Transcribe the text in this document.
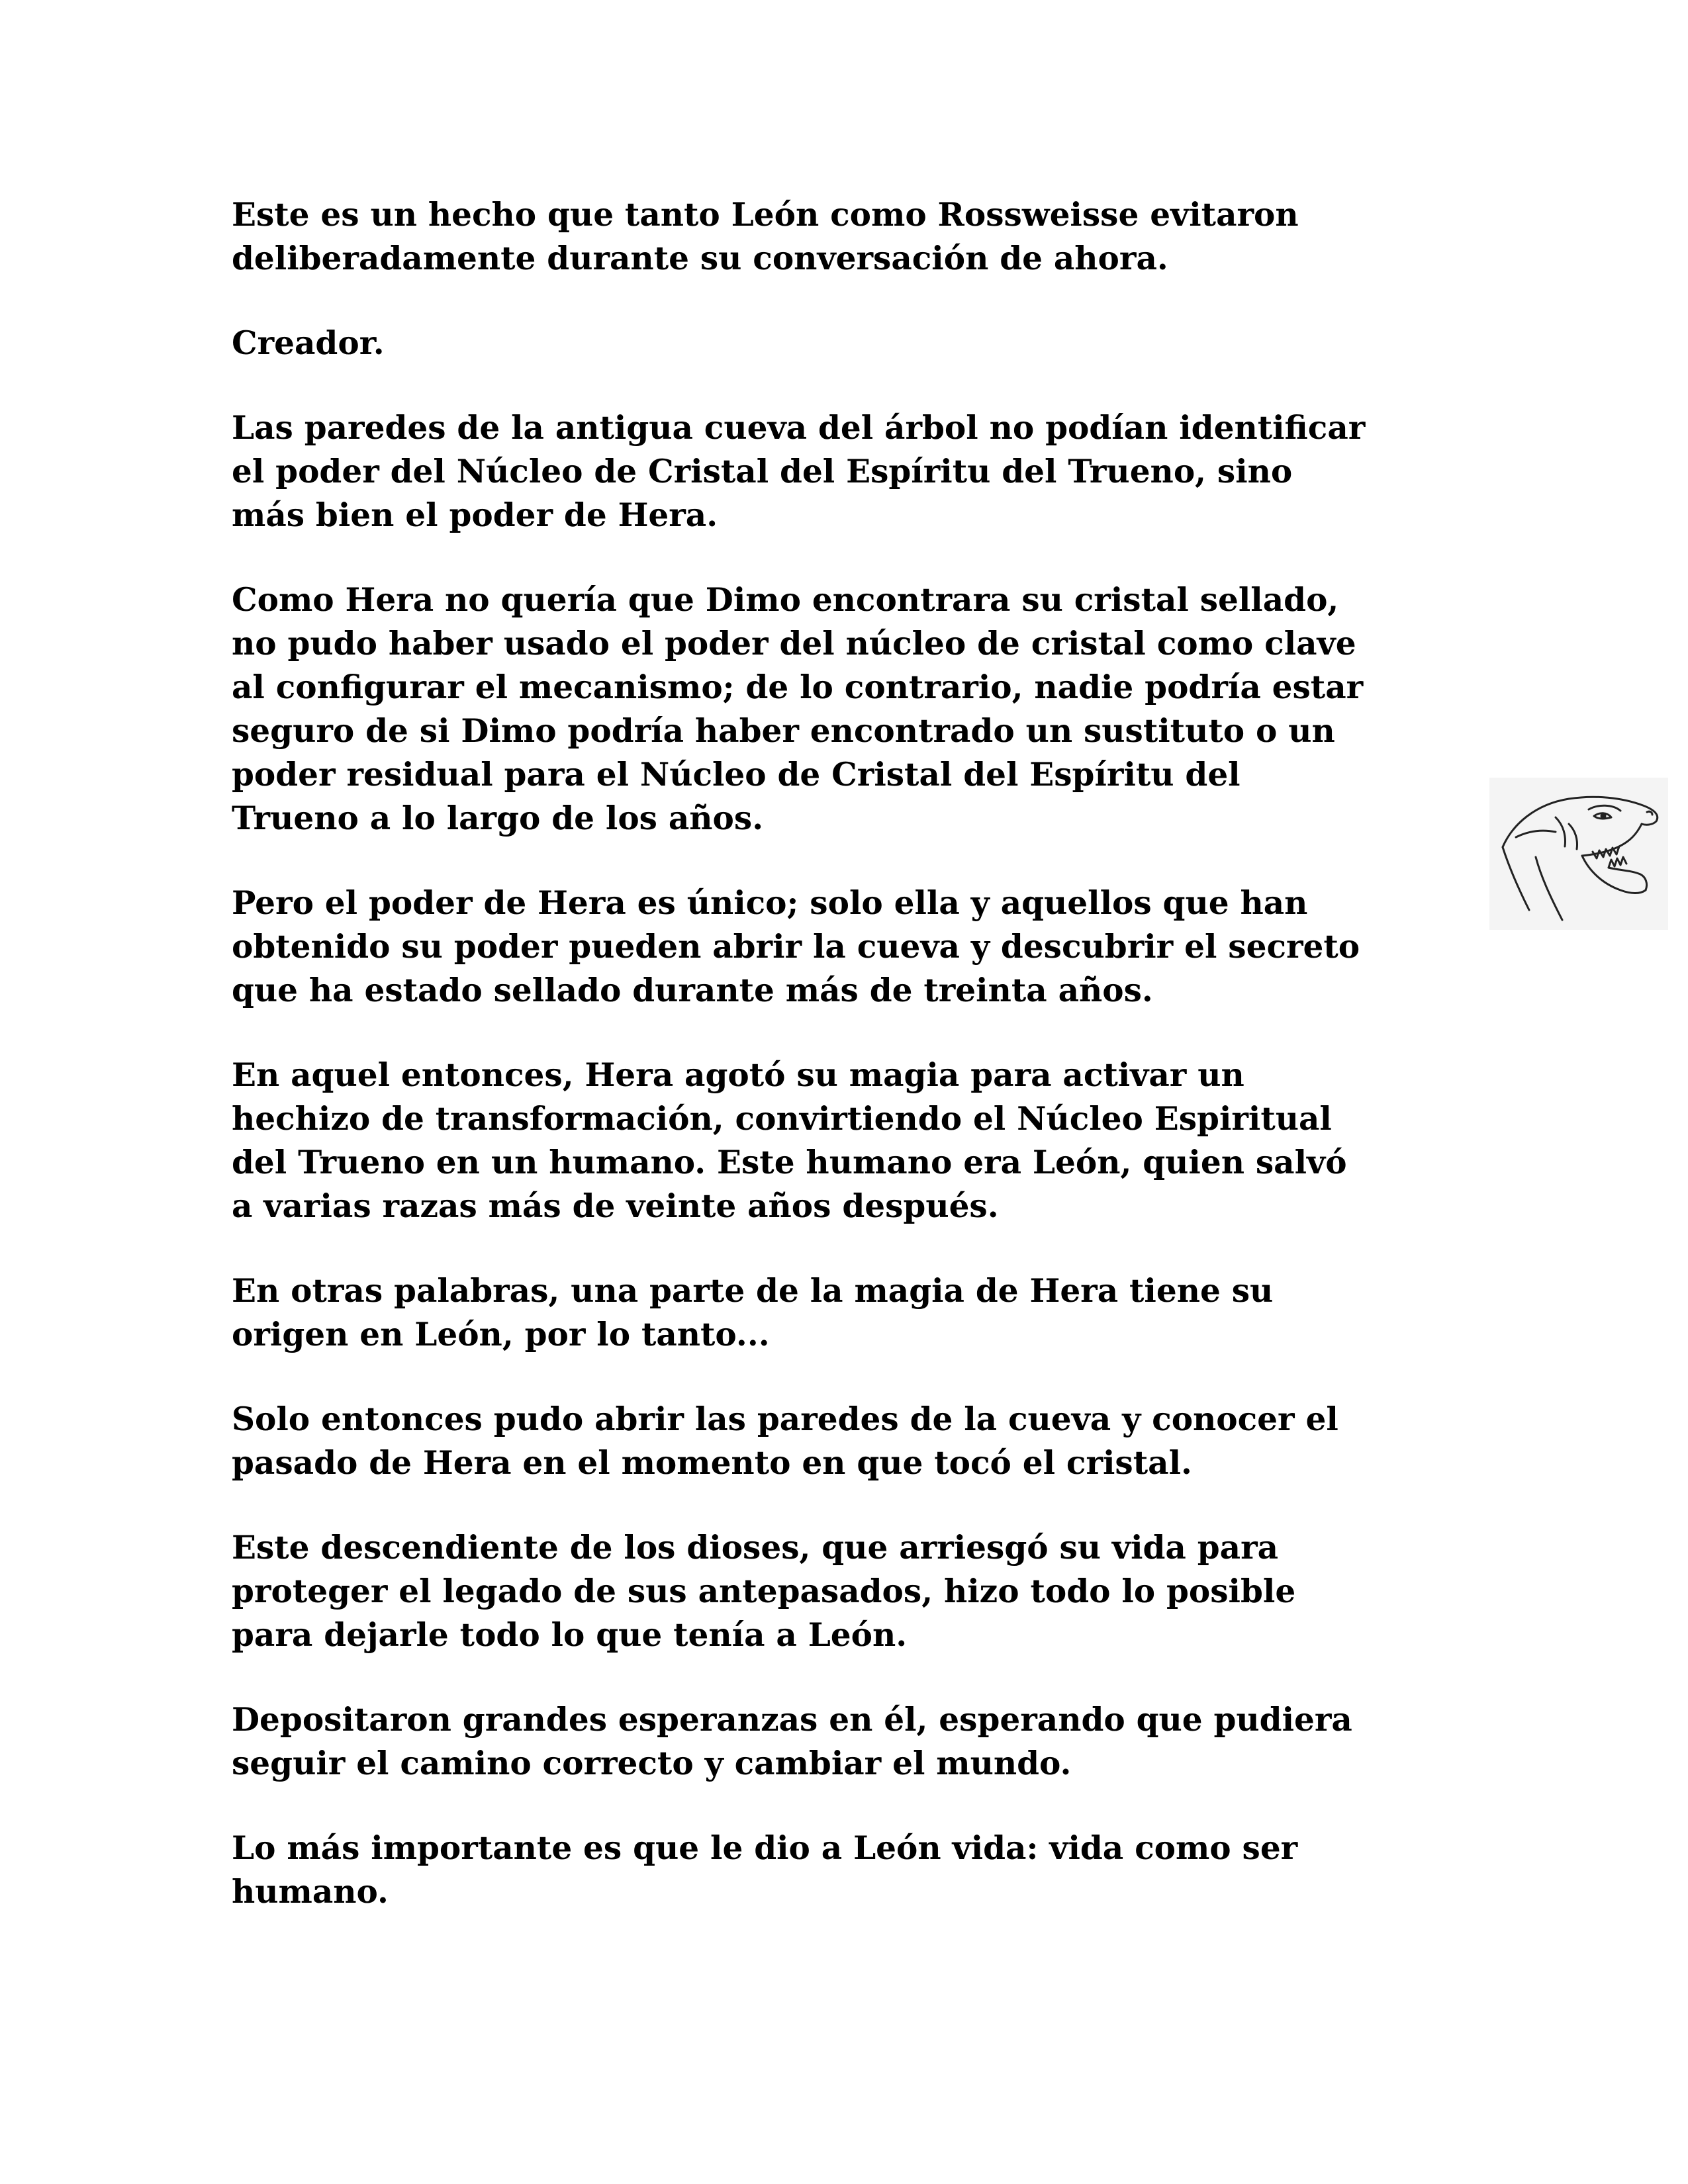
Este es un hecho que tanto León como Rossweisse evitaron
deliberadamente durante su conversación de ahora.
Creador.
Las paredes de la antigua cueva del árbol no podían identificar
el poder del Núcleo de Cristal del Espíritu del Trueno, sino
más bien el poder de Hera.
Como Hera no quería que Dimo encontrara su cristal sellado,
no pudo haber usado el poder del núcleo de cristal como clave
al configurar el mecanismo; de lo contrario, nadie podría estar
seguro de si Dimo podría haber encontrado un sustituto o un
poder residual para el Núcleo de Cristal del Espíritu del
Trueno a lo largo de los años.
Pero el poder de Hera es único; solo ella y aquellos que han
obtenido su poder pueden abrir la cueva y descubrir el secreto
que ha estado sellado durante más de treinta años.
En aquel entonces, Hera agotó su magia para activar un
hechizo de transformación, convirtiendo el Núcleo Espiritual
del Trueno en un humano. Este humano era León, quien salvó
a varias razas más de veinte años después.
En otras palabras, una parte de la magia de Hera tiene su
origen en León, por lo tanto...
Solo entonces pudo abrir las paredes de la cueva y conocer el
pasado de Hera en el momento en que tocó el cristal.
Este descendiente de los dioses, que arriesgó su vida para
proteger el legado de sus antepasados, hizo todo lo posible
para dejarle todo lo que tenía a León.
Depositaron grandes esperanzas en él, esperando que pudiera
seguir el camino correcto y cambiar el mundo.
Lo más importante es que le dio a León vida: vida como ser
humano.
